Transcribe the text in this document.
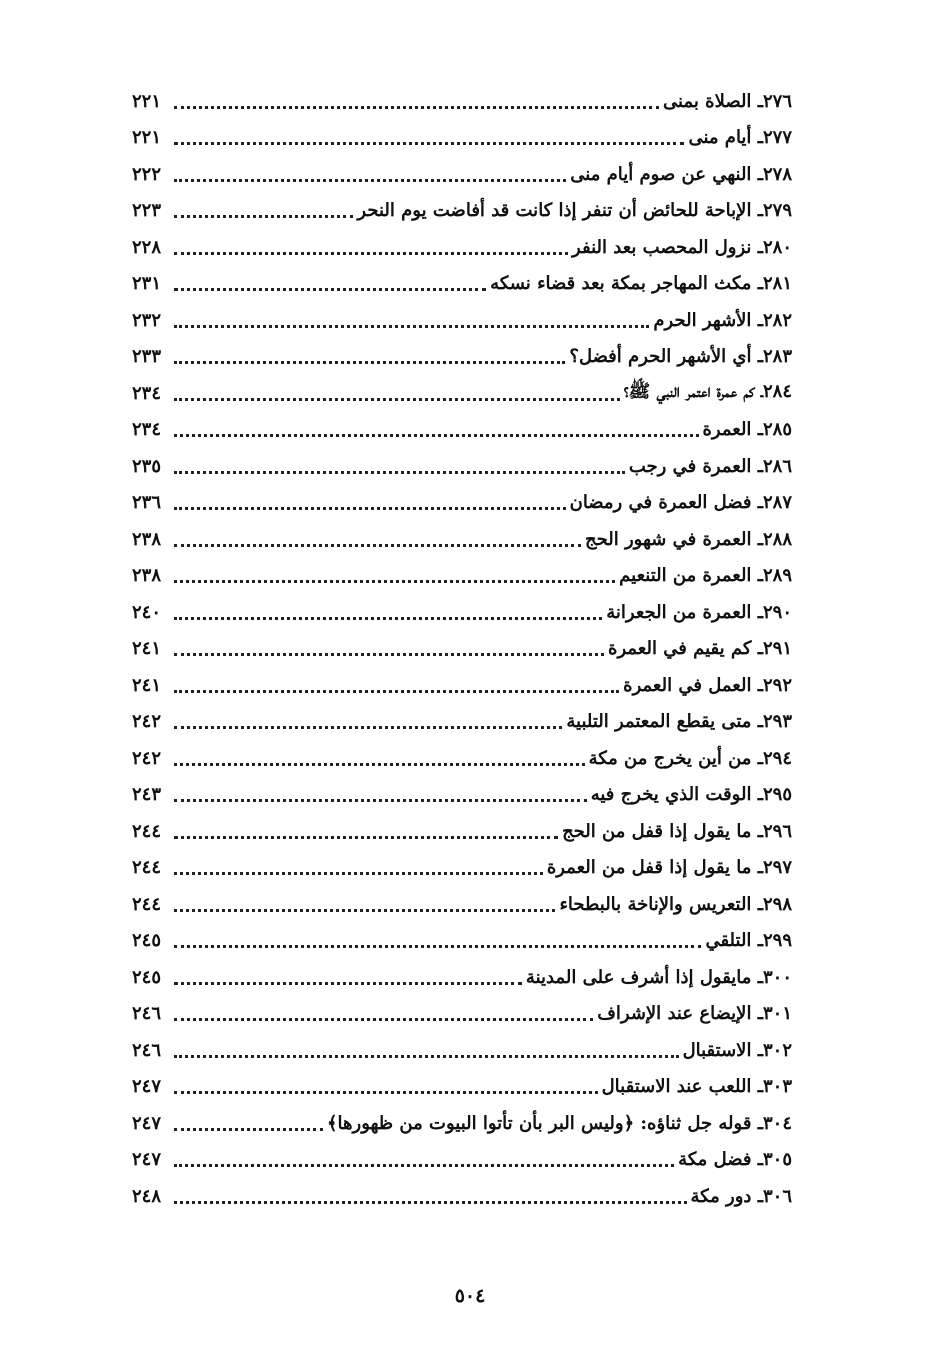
٢٧٦ـ الصلاة بمنى
٢٢١
٢٧٧ـ أيام منى
٢٢١
٢٧٨ـ النهي عن صوم أيام منى
٢٢٢
٢٧٩ـ الإباحة للحائض أن تنفر إذا كانت قد أفاضت يوم النحر
٢٢٣
٢٨٠ـ نزول المحصب بعد النفر
٢٢٨
٢٨١ـ مكث المهاجر بمكة بعد قضاء نسكه
٢٣١
٢٨٢ـ الأشهر الحرم
٢٣٢
٢٨٣ـ أي الأشهر الحرم أفضل؟
٢٣٣
٢٨٤ـ كم عمرة اعتمر النبي ﷺ؟
٢٣٤
٢٨٥ـ العمرة
٢٣٤
٢٨٦ـ العمرة في رجب
٢٣٥
٢٨٧ـ فضل العمرة في رمضان
٢٣٦
٢٨٨ـ العمرة في شهور الحج
٢٣٨
٢٨٩ـ العمرة من التنعيم
٢٣٨
٢٩٠ـ العمرة من الجعرانة
٢٤٠
٢٩١ـ كم يقيم في العمرة
٢٤١
٢٩٢ـ العمل في العمرة
٢٤١
٢٩٣ـ متى يقطع المعتمر التلبية
٢٤٢
٢٩٤ـ من أين يخرج من مكة
٢٤٢
٢٩٥ـ الوقت الذي يخرج فيه
٢٤٣
٢٩٦ـ ما يقول إذا قفل من الحج
٢٤٤
٢٩٧ـ ما يقول إذا قفل من العمرة
٢٤٤
٢٩٨ـ التعريس والإناخة بالبطحاء
٢٤٤
٢٩٩ـ التلقي
٢٤٥
٣٠٠ـ مايقول إذا أشرف على المدينة
٢٤٥
٣٠١ـ الإيضاع عند الإشراف
٢٤٦
٣٠٢ـ الاستقبال
٢٤٦
٣٠٣ـ اللعب عند الاستقبال
٢٤٧
٣٠٤ـ قوله جل ثناؤه: ﴿وليس البر بأن تأتوا البيوت من ظهورها﴾
٢٤٧
٣٠٥ـ فضل مكة
٢٤٧
٣٠٦ـ دور مكة
٢٤٨
٥٠٤
